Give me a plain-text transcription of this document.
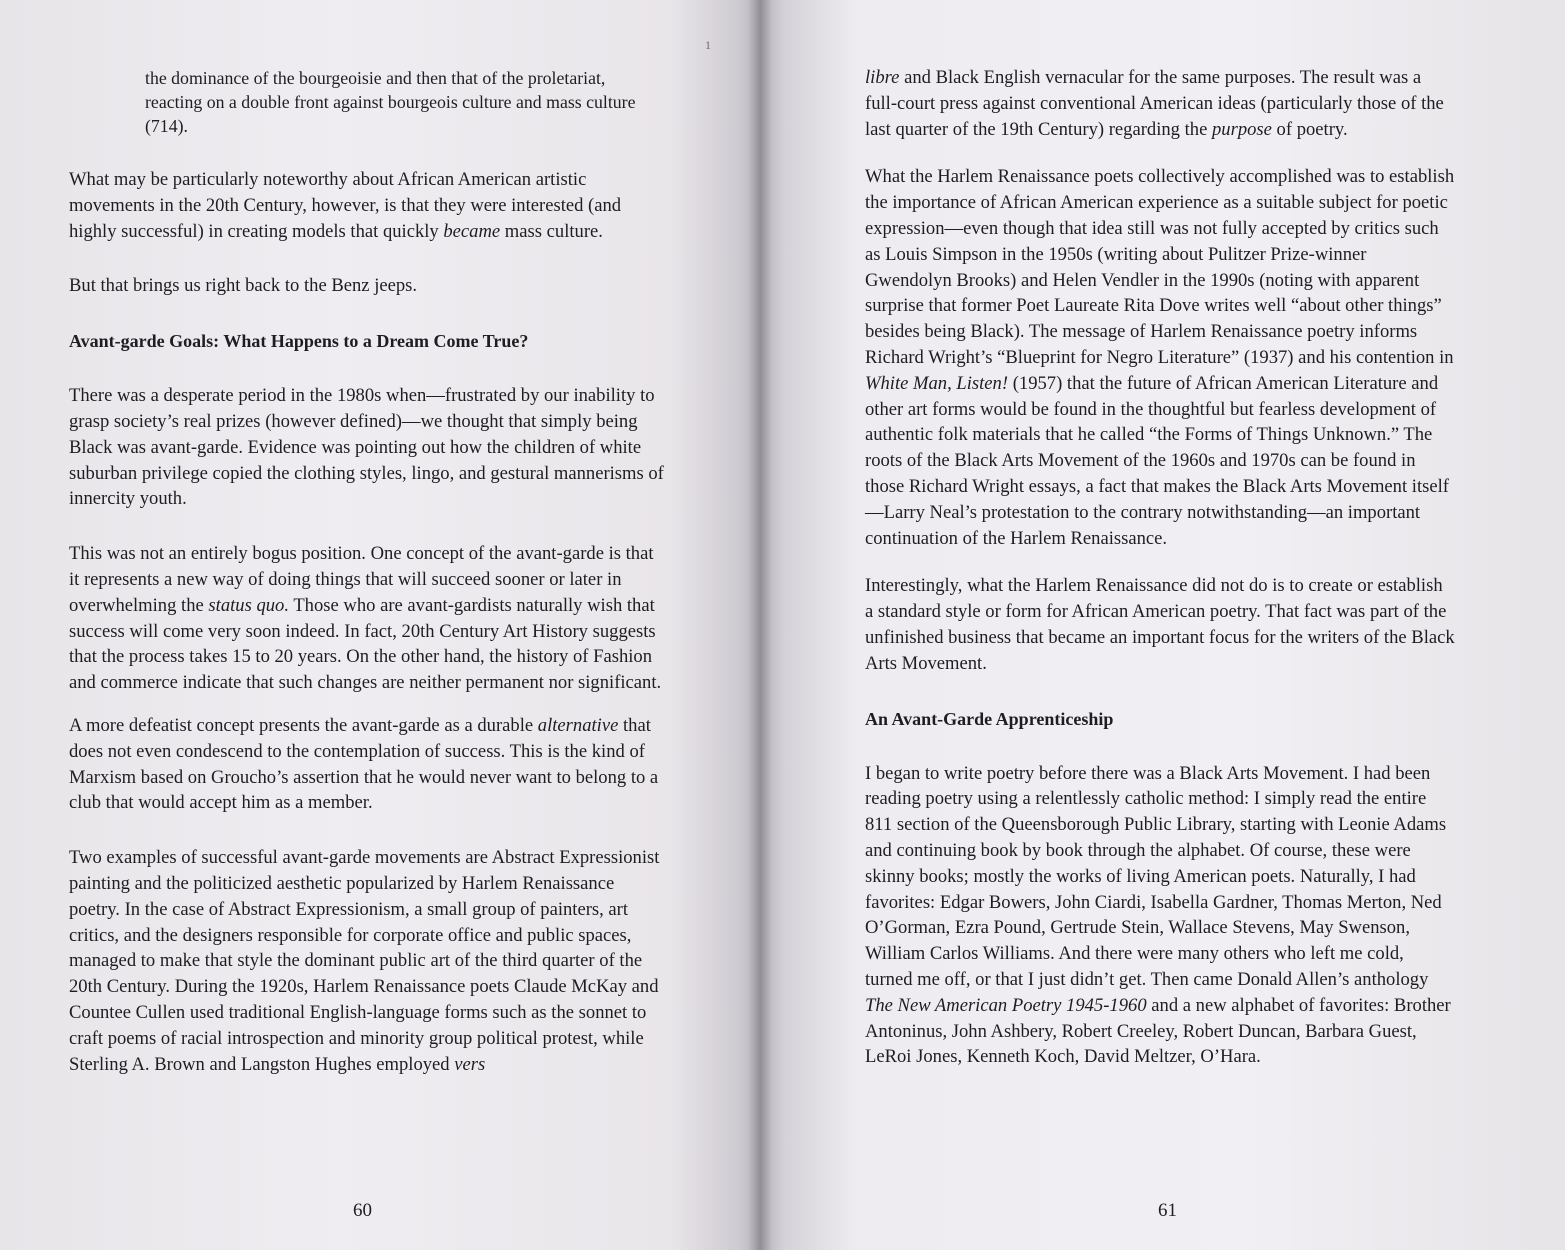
the dominance of the bourgeoisie and then that of the proletariat, reacting on a double front against bourgeois culture and mass culture (714).

What may be particularly noteworthy about African American artistic movements in the 20th Century, however, is that they were interested (and highly successful) in creating models that quickly became mass culture.

But that brings us right back to the Benz jeeps.

Avant-garde Goals: What Happens to a Dream Come True?

There was a desperate period in the 1980s when—frustrated by our inability to grasp society’s real prizes (however defined)—we thought that simply being Black was avant-garde. Evidence was pointing out how the children of white suburban privilege copied the clothing styles, lingo, and gestural mannerisms of innercity youth.

This was not an entirely bogus position. One concept of the avant-garde is that it represents a new way of doing things that will succeed sooner or later in overwhelming the status quo. Those who are avant-gardists naturally wish that success will come very soon indeed. In fact, 20th Century Art History suggests that the process takes 15 to 20 years. On the other hand, the history of Fashion and commerce indicate that such changes are neither permanent nor significant.

A more defeatist concept presents the avant-garde as a durable alternative that does not even condescend to the contemplation of success. This is the kind of Marxism based on Groucho’s assertion that he would never want to belong to a club that would accept him as a member.

Two examples of successful avant-garde movements are Abstract Expressionist painting and the politicized aesthetic popularized by Harlem Renaissance poetry. In the case of Abstract Expressionism, a small group of painters, art critics, and the designers responsible for corporate office and public spaces, managed to make that style the dominant public art of the third quarter of the 20th Century. During the 1920s, Harlem Renaissance poets Claude McKay and Countee Cullen used traditional English-language forms such as the sonnet to craft poems of racial introspection and minority group political protest, while Sterling A. Brown and Langston Hughes employed vers

60
1

libre and Black English vernacular for the same purposes. The result was a full-court press against conventional American ideas (particularly those of the last quarter of the 19th Century) regarding the purpose of poetry.

What the Harlem Renaissance poets collectively accomplished was to establish the importance of African American experience as a suitable subject for poetic expression—even though that idea still was not fully accepted by critics such as Louis Simpson in the 1950s (writing about Pulitzer Prize-winner Gwendolyn Brooks) and Helen Vendler in the 1990s (noting with apparent surprise that former Poet Laureate Rita Dove writes well “about other things” besides being Black). The message of Harlem Renaissance poetry informs Richard Wright’s “Blueprint for Negro Literature” (1937) and his contention in White Man, Listen! (1957) that the future of African American Literature and other art forms would be found in the thoughtful but fearless development of authentic folk materials that he called “the Forms of Things Unknown.” The roots of the Black Arts Movement of the 1960s and 1970s can be found in those Richard Wright essays, a fact that makes the Black Arts Movement itself—Larry Neal’s protestation to the contrary notwithstanding—an important continuation of the Harlem Renaissance.

Interestingly, what the Harlem Renaissance did not do is to create or establish a standard style or form for African American poetry. That fact was part of the unfinished business that became an important focus for the writers of the Black Arts Movement.

An Avant-Garde Apprenticeship

I began to write poetry before there was a Black Arts Movement. I had been reading poetry using a relentlessly catholic method: I simply read the entire 811 section of the Queensborough Public Library, starting with Leonie Adams and continuing book by book through the alphabet. Of course, these were skinny books; mostly the works of living American poets. Naturally, I had favorites: Edgar Bowers, John Ciardi, Isabella Gardner, Thomas Merton, Ned O’Gorman, Ezra Pound, Gertrude Stein, Wallace Stevens, May Swenson, William Carlos Williams. And there were many others who left me cold, turned me off, or that I just didn’t get. Then came Donald Allen’s anthology The New American Poetry 1945-1960 and a new alphabet of favorites: Brother Antoninus, John Ashbery, Robert Creeley, Robert Duncan, Barbara Guest, LeRoi Jones, Kenneth Koch, David Meltzer, O’Hara.

61
